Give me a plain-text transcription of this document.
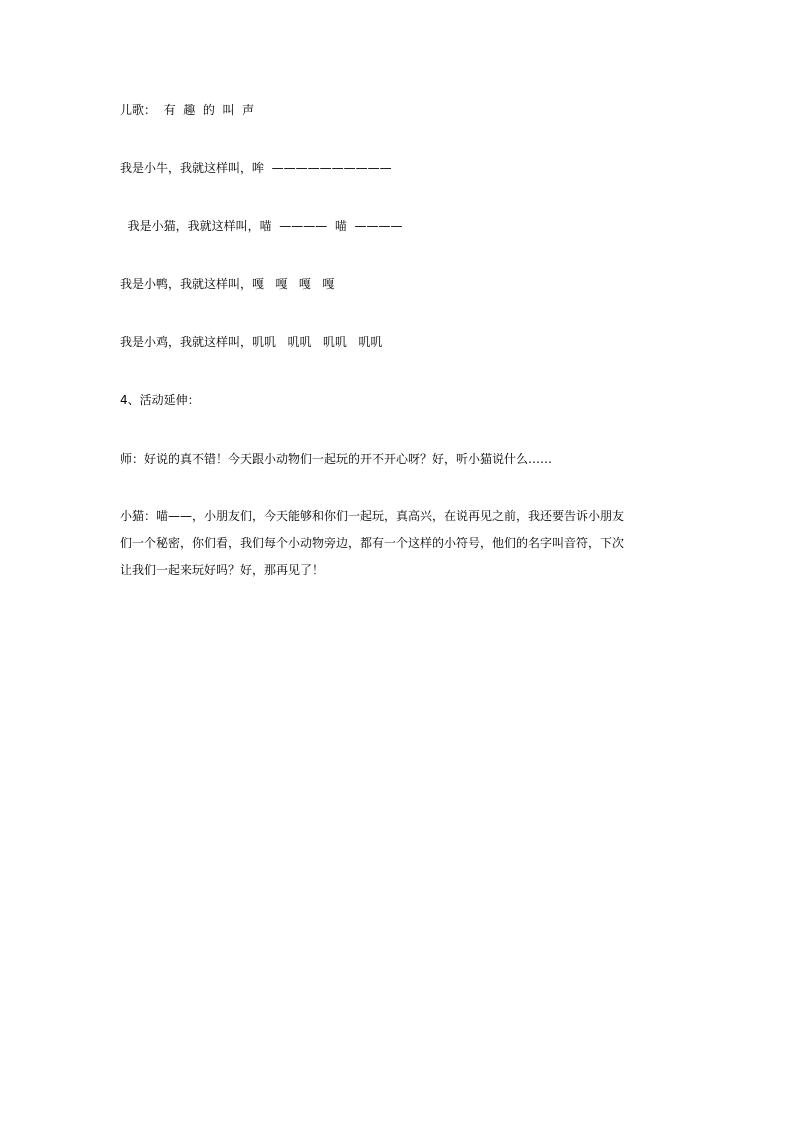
儿歌：  有  趣  的  叫  声
我是小牛，我就这样叫，哞  ——————————
我是小猫，我就这样叫，喵  ————  喵  ————
我是小鸭，我就这样叫，嘎   嘎   嘎   嘎
我是小鸡，我就这样叫，叽叽   叽叽   叽叽   叽叽
4、活动延伸：
师：好说的真不错！今天跟小动物们一起玩的开不开心呀？好，听小猫说什么……
小猫：喵——，小朋友们，今天能够和你们一起玩，真高兴，在说再见之前，我还要告诉小朋友
们一个秘密，你们看，我们每个小动物旁边，都有一个这样的小符号，他们的名字叫音符，下次
让我们一起来玩好吗？好，那再见了！
